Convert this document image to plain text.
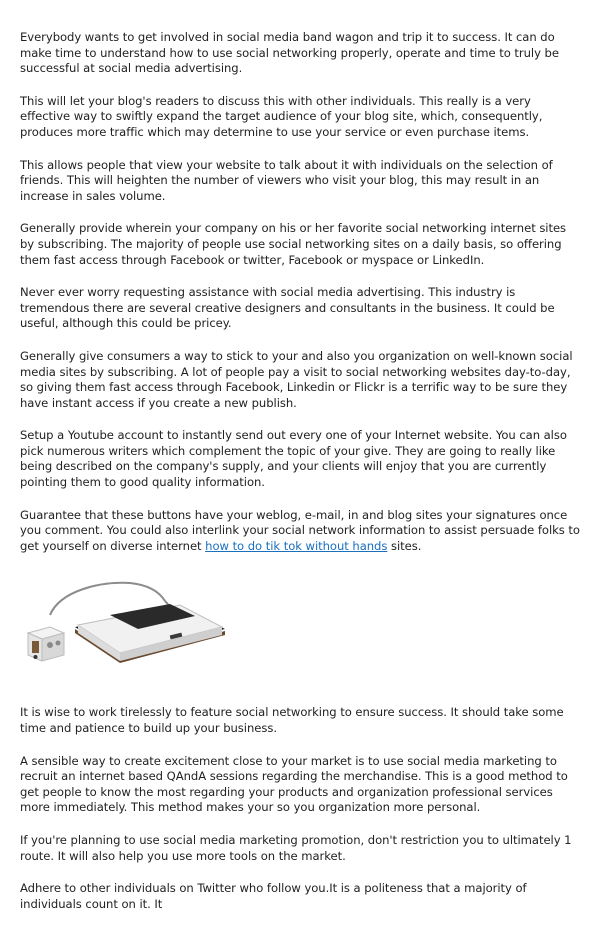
Everybody wants to get involved in social media band wagon and trip it to success. It can do make time to understand how to use social networking properly, operate and time to truly be successful at social media advertising.

This will let your blog's readers to discuss this with other individuals. This really is a very effective way to swiftly expand the target audience of your blog site, which, consequently, produces more traffic which may determine to use your service or even purchase items.

This allows people that view your website to talk about it with individuals on the selection of friends. This will heighten the number of viewers who visit your blog, this may result in an increase in sales volume.

Generally provide wherein your company on his or her favorite social networking internet sites by subscribing. The majority of people use social networking sites on a daily basis, so offering them fast access through Facebook or twitter, Facebook or myspace or LinkedIn.

Never ever worry requesting assistance with social media advertising. This industry is tremendous there are several creative designers and consultants in the business. It could be useful, although this could be pricey.

Generally give consumers a way to stick to your and also you organization on well-known social media sites by subscribing. A lot of people pay a visit to social networking websites day-to-day, so giving them fast access through Facebook, Linkedin or Flickr is a terrific way to be sure they have instant access if you create a new publish.

Setup a Youtube account to instantly send out every one of your Internet website. You can also pick numerous writers which complement the topic of your give. They are going to really like being described on the company's supply, and your clients will enjoy that you are currently pointing them to good quality information.

Guarantee that these buttons have your weblog, e-mail, in and blog sites your signatures once you comment. You could also interlink your social network information to assist persuade folks to get yourself on diverse internet how to do tik tok without hands sites.

It is wise to work tirelessly to feature social networking to ensure success. It should take some time and patience to build up your business.

A sensible way to create excitement close to your market is to use social media marketing to recruit an internet based QAndA sessions regarding the merchandise. This is a good method to get people to know the most regarding your products and organization professional services more immediately. This method makes your so you organization more personal.

If you're planning to use social media marketing promotion, don't restriction you to ultimately 1 route. It will also help you use more tools on the market.

Adhere to other individuals on Twitter who follow you.It is a politeness that a majority of individuals count on it. It
